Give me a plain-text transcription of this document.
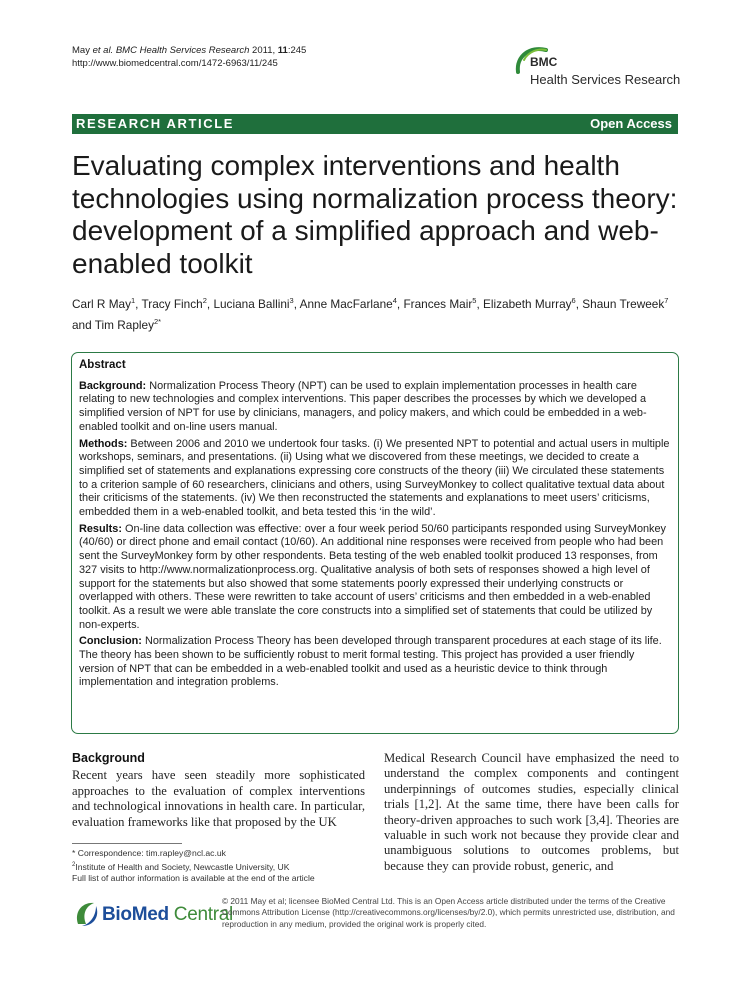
May et al. BMC Health Services Research 2011, 11:245
http://www.biomedcentral.com/1472-6963/11/245	BMC
Health Services Research
RESEARCH ARTICLE	Open Access
Evaluating complex interventions and health technologies using normalization process theory: development of a simplified approach and web-enabled toolkit
Carl R May$^1$, Tracy Finch$^2$, Luciana Ballini$^3$, Anne MacFarlane$^4$, Frances Mair$^5$, Elizabeth Murray$^6$, Shaun Treweek$^7$ and Tim Rapley$^{2*}$
Abstract

Background: Normalization Process Theory (NPT) can be used to explain implementation processes in health care relating to new technologies and complex interventions. This paper describes the processes by which we developed a simplified version of NPT for use by clinicians, managers, and policy makers, and which could be embedded in a web-enabled toolkit and on-line users manual.

Methods: Between 2006 and 2010 we undertook four tasks. (i) We presented NPT to potential and actual users in multiple workshops, seminars, and presentations. (ii) Using what we discovered from these meetings, we decided to create a simplified set of statements and explanations expressing core constructs of the theory (iii) We circulated these statements to a criterion sample of 60 researchers, clinicians and others, using SurveyMonkey to collect qualitative textual data about their criticisms of the statements. (iv) We then reconstructed the statements and explanations to meet users’ criticisms, embedded them in a web-enabled toolkit, and beta tested this ‘in the wild’.

Results: On-line data collection was effective: over a four week period 50/60 participants responded using SurveyMonkey (40/60) or direct phone and email contact (10/60). An additional nine responses were received from people who had been sent the SurveyMonkey form by other respondents. Beta testing of the web enabled toolkit produced 13 responses, from 327 visits to http://www.normalizationprocess.org. Qualitative analysis of both sets of responses showed a high level of support for the statements but also showed that some statements poorly expressed their underlying constructs or overlapped with others. These were rewritten to take account of users’ criticisms and then embedded in a web-enabled toolkit. As a result we were able translate the core constructs into a simplified set of statements that could be utilized by non-experts.

Conclusion: Normalization Process Theory has been developed through transparent procedures at each stage of its life. The theory has been shown to be sufficiently robust to merit formal testing. This project has provided a user friendly version of NPT that can be embedded in a web-enabled toolkit and used as a heuristic device to think through implementation and integration problems.

Background

Recent years have seen steadily more sophisticated approaches to the evaluation of complex interventions and technological innovations in health care. In particular, evaluation frameworks like that proposed by the UK

Medical Research Council have emphasized the need to understand the complex components and contingent underpinnings of outcomes studies, especially clinical trials [1,2]. At the same time, there have been calls for theory-driven approaches to such work [3,4]. Theories are valuable in such work not because they provide clear and unambiguous solutions to outcomes problems, but because they can provide robust, generic, and

* Correspondence: tim.rapley@ncl.ac.uk
$^2$Institute of Health and Society, Newcastle University, UK
Full list of author information is available at the end of the article
BioMed Central
© 2011 May et al; licensee BioMed Central Ltd. This is an Open Access article distributed under the terms of the Creative Commons Attribution License (http://creativecommons.org/licenses/by/2.0), which permits unrestricted use, distribution, and reproduction in any medium, provided the original work is properly cited.
